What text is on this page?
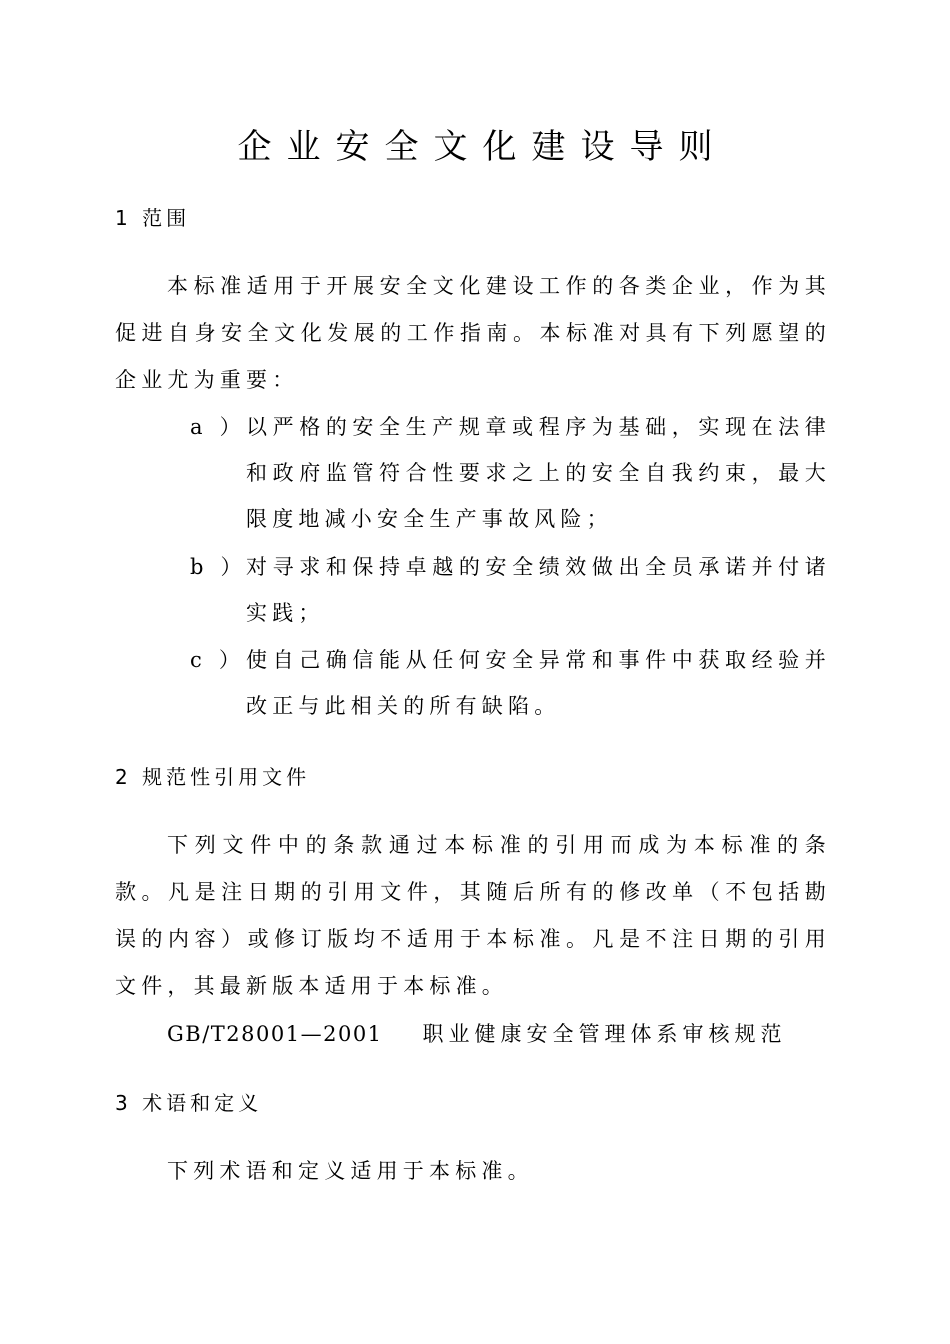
企业安全文化建设导则
1 范围

本标准适用于开展安全文化建设工作的各类企业，作为其促进自身安全文化发展的工作指南。本标准对具有下列愿望的企业尤为重要：

a ） 以严格的安全生产规章或程序为基础，实现在法律和政府监管符合性要求之上的安全自我约束，最大限度地减小安全生产事故风险；
b ） 对寻求和保持卓越的安全绩效做出全员承诺并付诸实践；
c ） 使自己确信能从任何安全异常和事件中获取经验并改正与此相关的所有缺陷。
2 规范性引用文件

下列文件中的条款通过本标准的引用而成为本标准的条款。凡是注日期的引用文件，其随后所有的修改单（不包括勘误的内容）或修订版均不适用于本标准。凡是不注日期的引用文件，其最新版本适用于本标准。

GB/T28001—2001 职业健康安全管理体系审核规范
3 术语和定义

下列术语和定义适用于本标准。
